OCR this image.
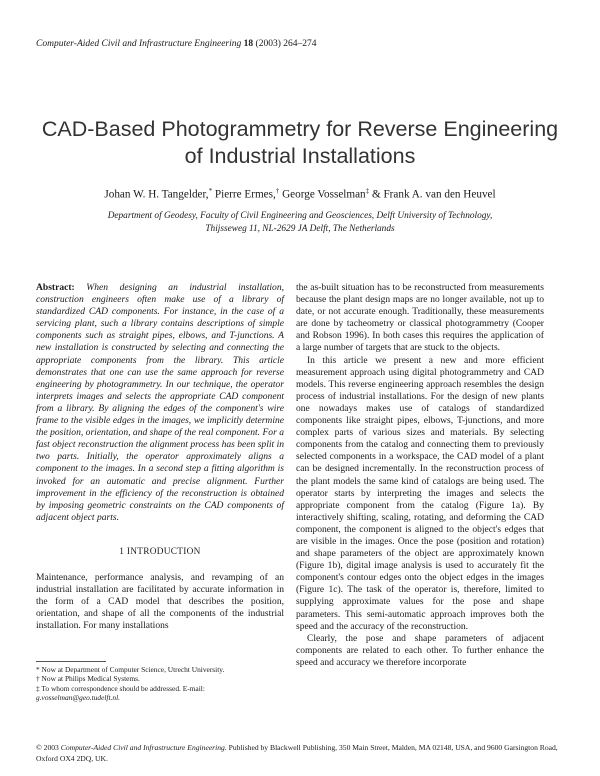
Computer-Aided Civil and Infrastructure Engineering 18 (2003) 264–274
CAD-Based Photogrammetry for Reverse Engineering
of Industrial Installations
Johan W. H. Tangelder,* Pierre Ermes,† George Vosselman‡ & Frank A. van den Heuvel
Department of Geodesy, Faculty of Civil Engineering and Geosciences, Delft University of Technology,
Thijsseweg 11, NL-2629 JA Delft, The Netherlands

Abstract: When designing an industrial installation, construction engineers often make use of a library of standardized CAD components. For instance, in the case of a servicing plant, such a library contains descriptions of simple components such as straight pipes, elbows, and T-junctions. A new installation is constructed by selecting and connecting the appropriate components from the library. This article demonstrates that one can use the same approach for reverse engineering by photogrammetry. In our technique, the operator interprets images and selects the appropriate CAD component from a library. By aligning the edges of the component's wire frame to the visible edges in the images, we implicitly determine the position, orientation, and shape of the real component. For a fast object reconstruction the alignment process has been split in two parts. Initially, the operator approximately aligns a component to the images. In a second step a fitting algorithm is invoked for an automatic and precise alignment. Further improvement in the efficiency of the reconstruction is obtained by imposing geometric constraints on the CAD components of adjacent object parts.

1 INTRODUCTION

Maintenance, performance analysis, and revamping of an industrial installation are facilitated by accurate information in the form of a CAD model that describes the position, orientation, and shape of all the components of the industrial installation. For many installations

the as-built situation has to be reconstructed from measurements because the plant design maps are no longer available, not up to date, or not accurate enough. Traditionally, these measurements are done by tacheometry or classical photogrammetry (Cooper and Robson 1996). In both cases this requires the application of a large number of targets that are stuck to the objects.

In this article we present a new and more efficient measurement approach using digital photogrammetry and CAD models. This reverse engineering approach resembles the design process of industrial installations. For the design of new plants one nowadays makes use of catalogs of standardized components like straight pipes, elbows, T-junctions, and more complex parts of various sizes and materials. By selecting components from the catalog and connecting them to previously selected components in a workspace, the CAD model of a plant can be designed incrementally. In the reconstruction process of the plant models the same kind of catalogs are being used. The operator starts by interpreting the images and selects the appropriate component from the catalog (Figure 1a). By interactively shifting, scaling, rotating, and deforming the CAD component, the component is aligned to the object's edges that are visible in the images. Once the pose (position and rotation) and shape parameters of the object are approximately known (Figure 1b), digital image analysis is used to accurately fit the component's contour edges onto the object edges in the images (Figure 1c). The task of the operator is, therefore, limited to supplying approximate values for the pose and shape parameters. This semi-automatic approach improves both the speed and the accuracy of the reconstruction.

Clearly, the pose and shape parameters of adjacent components are related to each other. To further enhance the speed and accuracy we therefore incorporate

* Now at Department of Computer Science, Utrecht University.
† Now at Philips Medical Systems.
‡ To whom correspondence should be addressed. E-mail: g.vosselman@geo.tudelft.nl.
© 2003 Computer-Aided Civil and Infrastructure Engineering. Published by Blackwell Publishing, 350 Main Street, Malden, MA 02148, USA, and 9600 Garsington Road, Oxford OX4 2DQ, UK.
